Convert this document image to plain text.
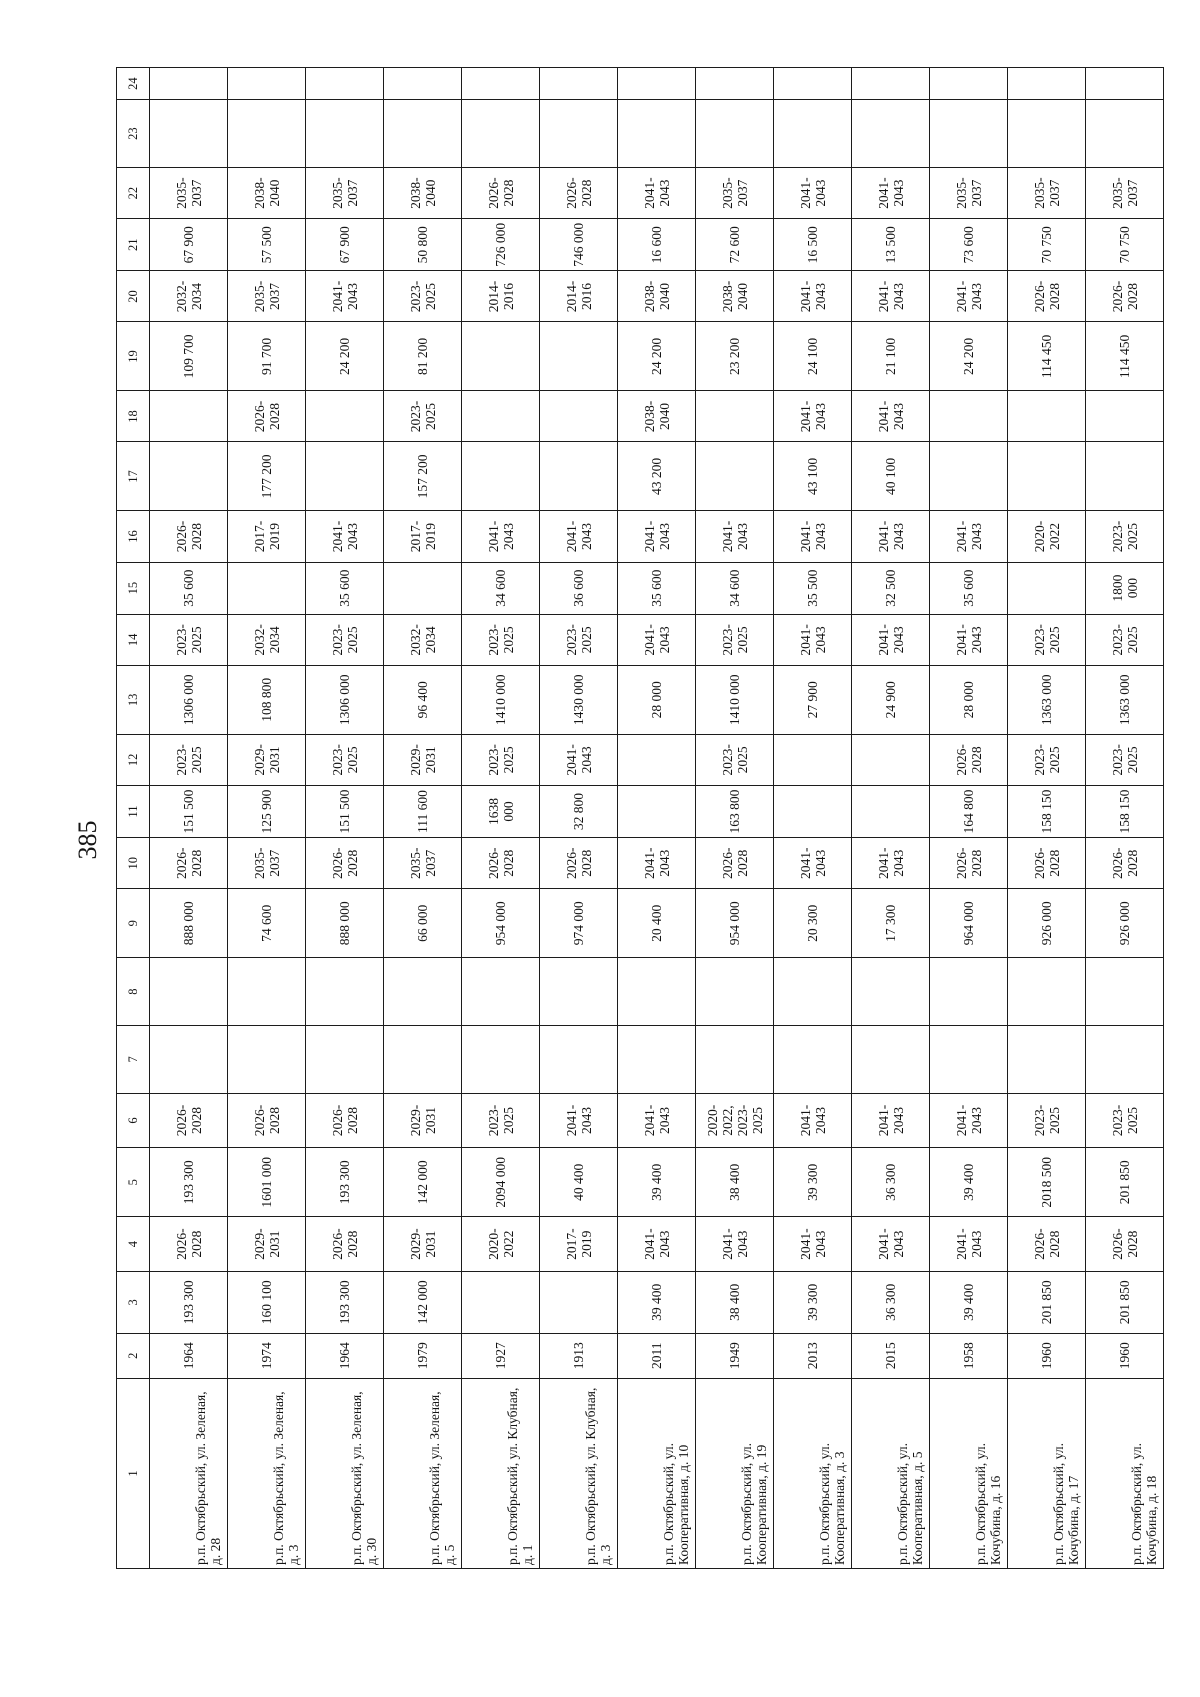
385
1	2	3	4	5	6	7	8	9	10	11	12	13	14	15	16	17	18	19	20	21	22	23	24
р.п. Октябрьский, ул. Зеленая, д. 28	1964	193 300	2026-2028	193 300	2026-2028			888 000	2026-2028	151 500	2023-2025	1306 000	2023-2025	35 600	2026-2028			109 700	2032-2034	67 900	2035-2037		
р.п. Октябрьский, ул. Зеленая, д. 3	1974	160 100	2029-2031	1601 000	2026-2028			74 600	2035-2037	125 900	2029-2031	108 800	2032-2034		2017-2019	177 200	2026-2028	91 700	2035-2037	57 500	2038-2040		
р.п. Октябрьский, ул. Зеленая, д. 30	1964	193 300	2026-2028	193 300	2026-2028			888 000	2026-2028	151 500	2023-2025	1306 000	2023-2025	35 600	2041-2043			24 200	2041-2043	67 900	2035-2037		
р.п. Октябрьский, ул. Зеленая, д. 5	1979	142 000	2029-2031	142 000	2029-2031			66 000	2035-2037	111 600	2029-2031	96 400	2032-2034		2017-2019	157 200	2023-2025	81 200	2023-2025	50 800	2038-2040		
р.п. Октябрьский, ул. Клубная, д. 1	1927		2020-2022	2094 000	2023-2025			954 000	2026-2028	1638 000	2023-2025	1410 000	2023-2025	34 600	2041-2043				2014-2016	726 000	2026-2028		
р.п. Октябрьский, ул. Клубная, д. 3	1913		2017-2019	40 400	2041-2043			974 000	2026-2028	32 800	2041-2043	1430 000	2023-2025	36 600	2041-2043				2014-2016	746 000	2026-2028		
р.п. Октябрьский, ул. Кооперативная, д. 10	2011	39 400	2041-2043	39 400	2041-2043			20 400	2041-2043			28 000	2041-2043	35 600	2041-2043	43 200	2038-2040	24 200	2038-2040	16 600	2041-2043		
р.п. Октябрьский, ул. Кооперативная, д. 19	1949	38 400	2041-2043	38 400	2020-2022, 2023-2025			954 000	2026-2028	163 800	2023-2025	1410 000	2023-2025	34 600	2041-2043			23 200	2038-2040	72 600	2035-2037		
р.п. Октябрьский, ул. Кооперативная, д. 3	2013	39 300	2041-2043	39 300	2041-2043			20 300	2041-2043			27 900	2041-2043	35 500	2041-2043	43 100	2041-2043	24 100	2041-2043	16 500	2041-2043		
р.п. Октябрьский, ул. Кооперативная, д. 5	2015	36 300	2041-2043	36 300	2041-2043			17 300	2041-2043			24 900	2041-2043	32 500	2041-2043	40 100	2041-2043	21 100	2041-2043	13 500	2041-2043		
р.п. Октябрьский, ул. Кочубина, д. 16	1958	39 400	2041-2043	39 400	2041-2043			964 000	2026-2028	164 800	2026-2028	28 000	2041-2043	35 600	2041-2043			24 200	2041-2043	73 600	2035-2037		
р.п. Октябрьский, ул. Кочубина, д. 17	1960	201 850	2026-2028	2018 500	2023-2025			926 000	2026-2028	158 150	2023-2025	1363 000	2023-2025		2020-2022			114 450	2026-2028	70 750	2035-2037		
р.п. Октябрьский, ул. Кочубина, д. 18	1960	201 850	2026-2028	201 850	2023-2025			926 000	2026-2028	158 150	2023-2025	1363 000	2023-2025	1800 000	2023-2025			114 450	2026-2028	70 750	2035-2037		
